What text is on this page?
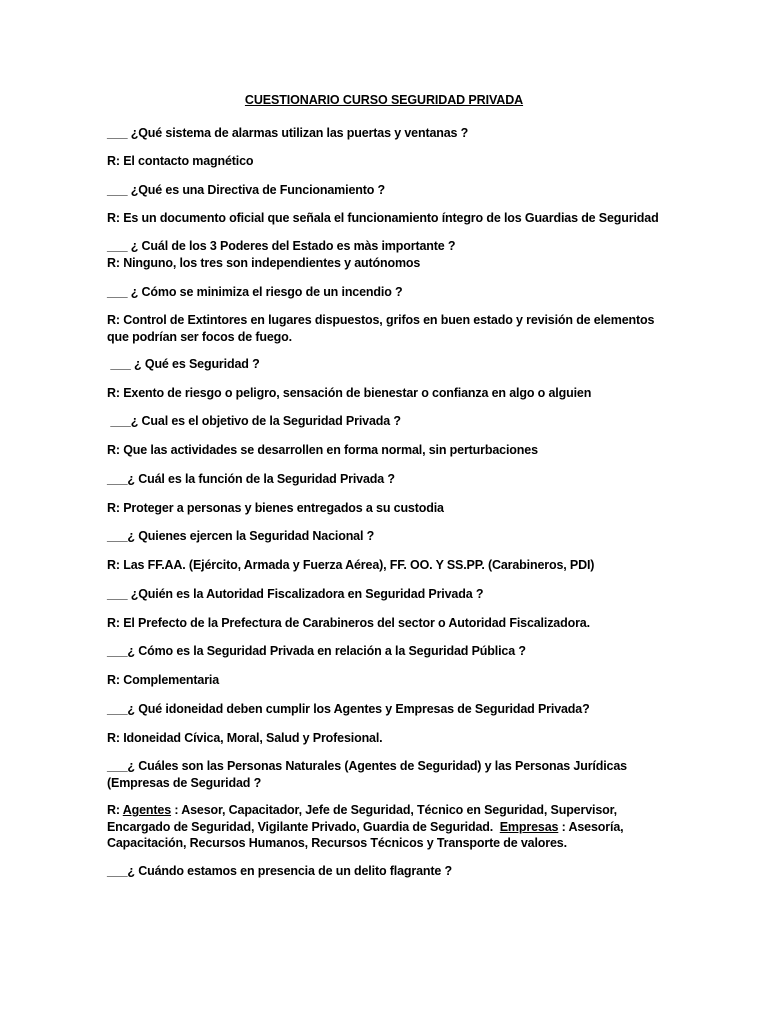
CUESTIONARIO CURSO SEGURIDAD PRIVADA
___ ¿Qué sistema de alarmas utilizan las puertas y ventanas ?
R: El contacto magnético
___ ¿Qué es una Directiva de Funcionamiento ?
R: Es un documento oficial que señala el funcionamiento íntegro de los Guardias de Seguridad
___ ¿ Cuál de los 3 Poderes del Estado es màs importante ?
R: Ninguno, los tres son independientes y autónomos
___ ¿ Cómo se minimiza el riesgo de un incendio ?
R: Control de Extintores en lugares dispuestos, grifos en buen estado y revisión de elementos que podrían ser focos de fuego.
___ ¿ Qué es Seguridad ?
R: Exento de riesgo o peligro, sensación de bienestar o confianza en algo o alguien
___¿ Cual es el objetivo de la Seguridad Privada ?
R: Que las actividades se desarrollen en forma normal, sin perturbaciones
___¿ Cuál es la función de la Seguridad Privada ?
R: Proteger a personas y bienes entregados a su custodia
___¿ Quienes ejercen la Seguridad Nacional ?
R: Las FF.AA. (Ejército, Armada y Fuerza Aérea), FF. OO. Y SS.PP. (Carabineros, PDI)
___ ¿Quién es la Autoridad Fiscalizadora en Seguridad Privada ?
R: El Prefecto de la Prefectura de Carabineros del sector o Autoridad Fiscalizadora.
___¿ Cómo es la Seguridad Privada en relación a la Seguridad Pública ?
R: Complementaria
___¿ Qué idoneidad deben cumplir los Agentes y Empresas de Seguridad Privada?
R: Idoneidad Cívica, Moral, Salud y Profesional.
___¿ Cuáles son las Personas Naturales (Agentes de Seguridad) y las Personas Jurídicas (Empresas de Seguridad ?
R: Agentes : Asesor, Capacitador, Jefe de Seguridad, Técnico en Seguridad, Supervisor, Encargado de Seguridad, Vigilante Privado, Guardia de Seguridad.  Empresas : Asesoría, Capacitación, Recursos Humanos, Recursos Técnicos y Transporte de valores.
___¿ Cuándo estamos en presencia de un delito flagrante ?
